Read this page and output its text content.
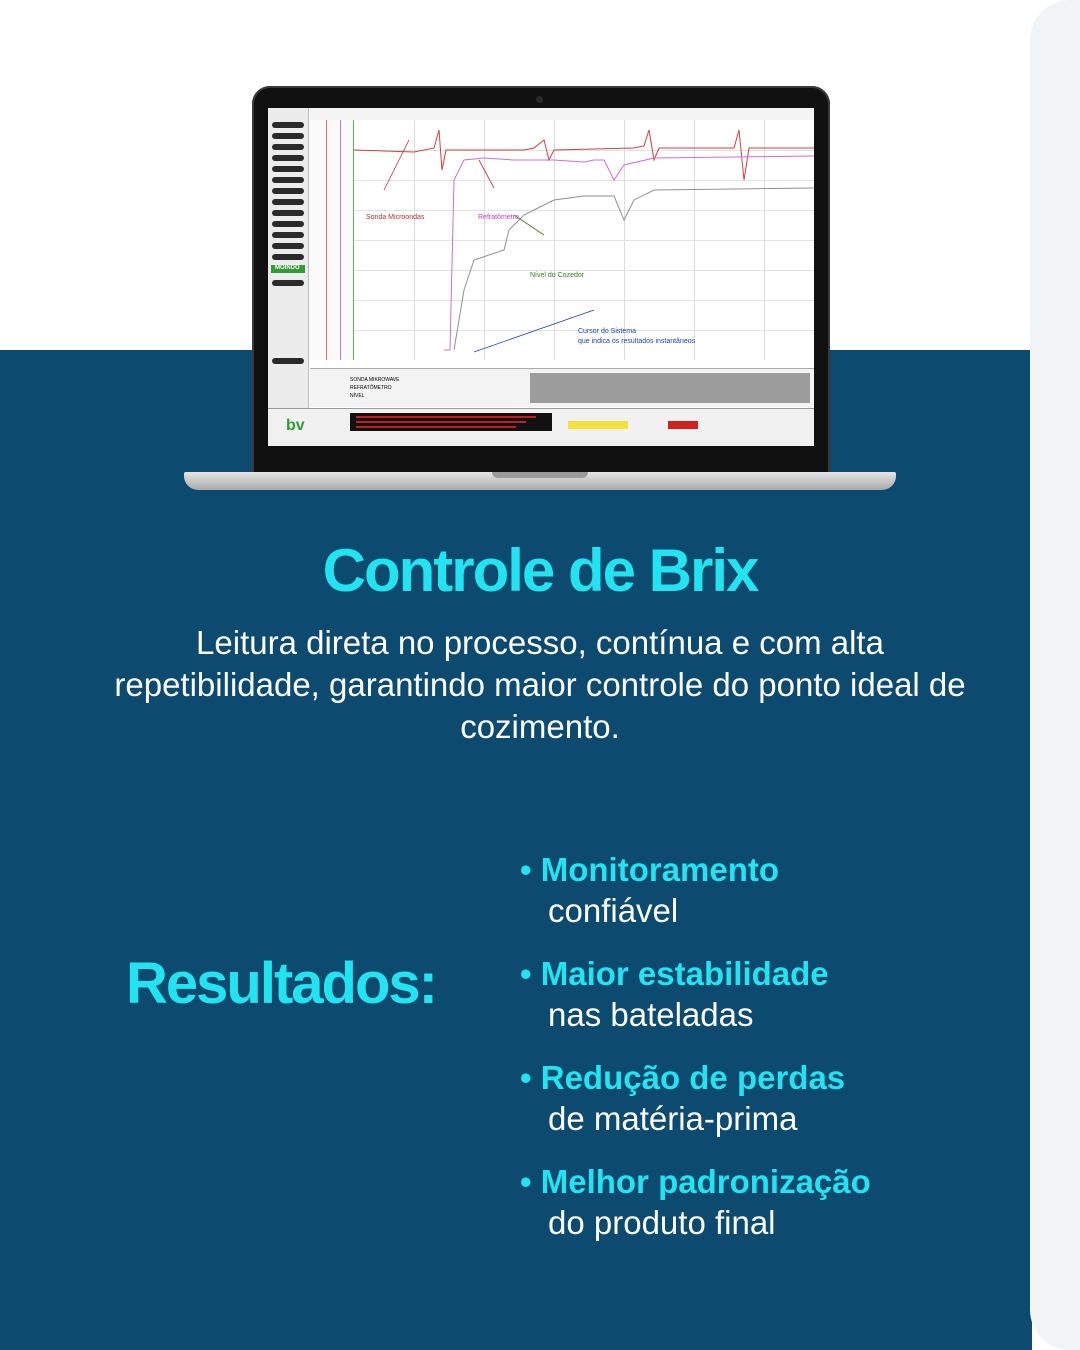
MOINDO
Sonda Microondas	Refratômetro
Nível do Cozedor
Cursor do Sistema
que indica os resultados instantâneos
SONDA MIKROWAVE
REFRATÔMETRO
NÍVEL
bv
Controle de Brix
Leitura direta no processo, contínua e com alta repetibilidade, garantindo maior controle do ponto ideal de cozimento.
Resultados:
• Monitoramento
confiável
• Maior estabilidade
nas bateladas
• Redução de perdas
de matéria-prima
• Melhor padronização
do produto final
